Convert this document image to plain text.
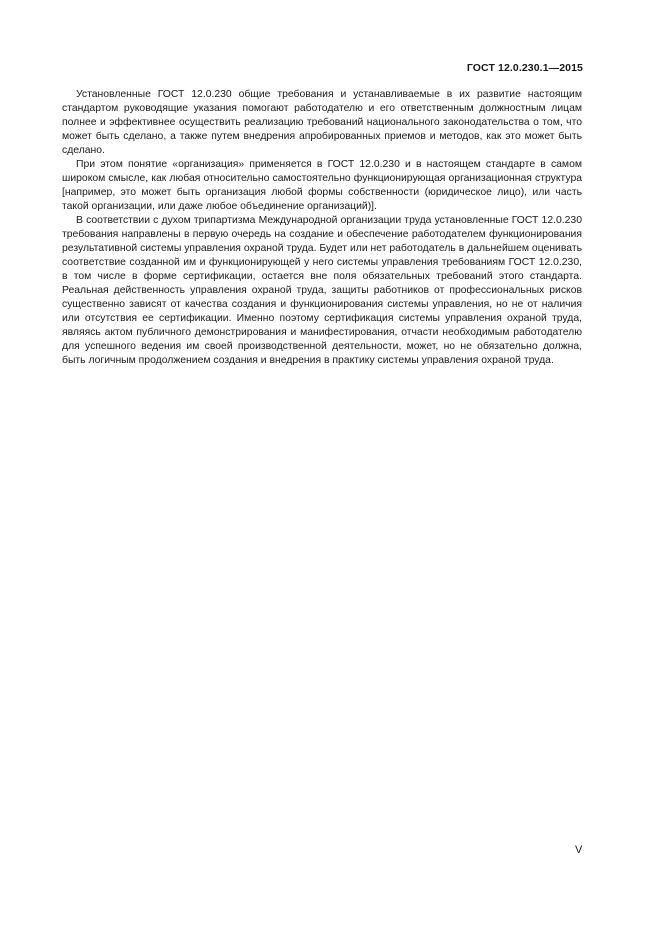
ГОСТ 12.0.230.1—2015

Установленные ГОСТ 12.0.230 общие требования и устанавливаемые в их развитие настоящим стандартом руководящие указания помогают работодателю и его ответственным должностным лицам полнее и эффективнее осуществить реализацию требований национального законодательства о том, что может быть сделано, а также путем внедрения апробированных приемов и методов, как это может быть сделано.

При этом понятие «организация» применяется в ГОСТ 12.0.230 и в настоящем стандарте в самом широком смысле, как любая относительно самостоятельно функционирующая организационная структура [например, это может быть организация любой формы собственности (юридическое лицо), или часть такой организации, или даже любое объединение организаций)].

В соответствии с духом трипартизма Международной организации труда установленные ГОСТ 12.0.230 требования направлены в первую очередь на создание и обеспечение работодателем функционирования результативной системы управления охраной труда. Будет или нет работодатель в дальнейшем оценивать соответствие созданной им и функционирующей у него системы управления требованиям ГОСТ 12.0.230, в том числе в форме сертификации, остается вне поля обязательных требований этого стандарта. Реальная действенность управления охраной труда, защиты работников от профессиональных рисков существенно зависят от качества создания и функционирования системы управления, но не от наличия или отсутствия ее сертификации. Именно поэтому сертификация системы управления охраной труда, являясь актом публичного демонстрирования и манифестирования, отчасти необходимым работодателю для успешного ведения им своей производственной деятельности, может, но не обязательно должна, быть логичным продолжением создания и внедрения в практику системы управления охраной труда.

V
